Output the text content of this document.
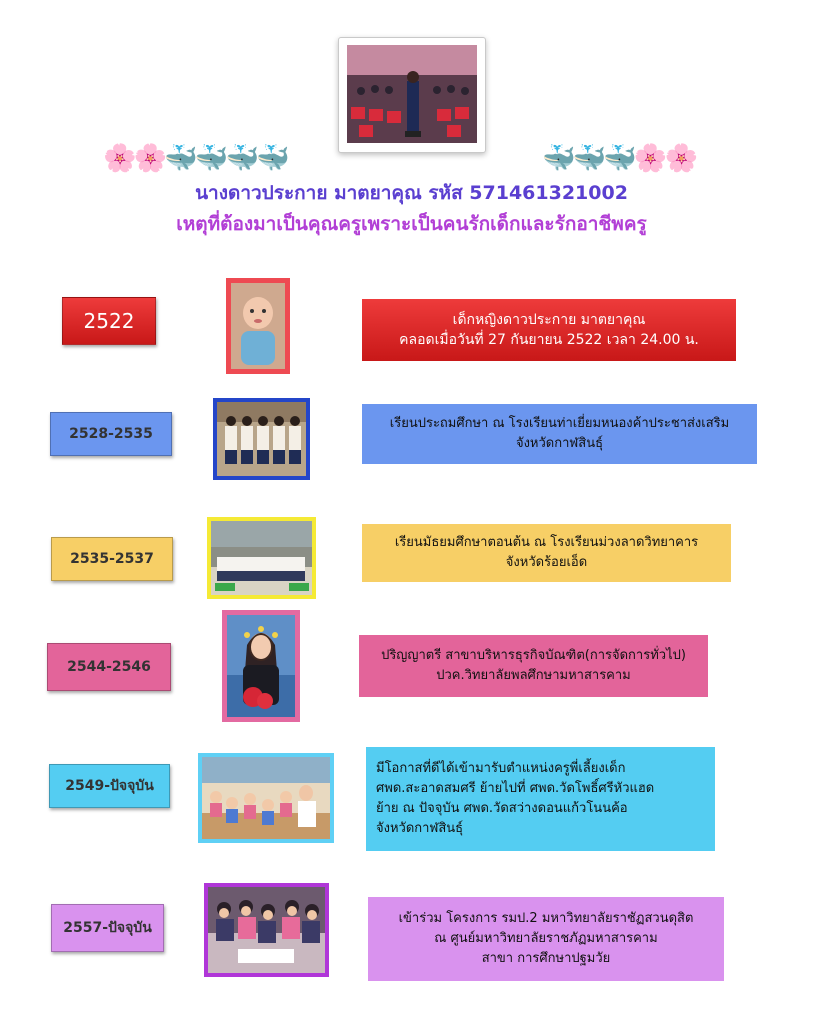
🌸🌸🐳🐳🐳🐳	🐳🐳🐳🌸🌸
นางดาวประกาย มาตยาคุณ รหัส 571461321002
เหตุที่ต้องมาเป็นคุณครูเพราะเป็นคนรักเด็กและรักอาชีพครู
2522	เด็กหญิงดาวประกาย มาตยาคุณ
คลอดเมื่อวันที่ 27 กันยายน 2522 เวลา 24.00 น.
2528-2535
เรียนประถมศึกษา ณ โรงเรียนท่าเยี่ยมหนองค้าประชาส่งเสริม
จังหวัดกาฬสินธุ์
2535-2537
เรียนมัธยมศึกษาตอนต้น ณ โรงเรียนม่วงลาดวิทยาคาร
จังหวัดร้อยเอ็ด
2544-2546
ปริญญาตรี สาขาบริหารธุรกิจบัณฑิต(การจัดการทั่วไป)
ปวค.วิทยาลัยพลศึกษามหาสารคาม
2549-ปัจจุบัน
มีโอกาสที่ดีได้เข้ามารับตำแหน่งครูพี่เลี้ยงเด็ก
ศพด.สะอาดสมศรี ย้ายไปที่ ศพด.วัดโพธิ์ศรีหัวแฮด
ย้าย ณ ปัจจุบัน ศพด.วัดสว่างดอนแก้วโนนค้อ
จังหวัดกาฬสินธุ์
2557-ปัจจุบัน
เข้าร่วม โครงการ รมป.2 มหาวิทยาลัยราชัฏสวนดุสิต
ณ ศูนย์มหาวิทยาลัยราชภัฏมหาสารคาม
สาขา การศึกษาปฐมวัย
